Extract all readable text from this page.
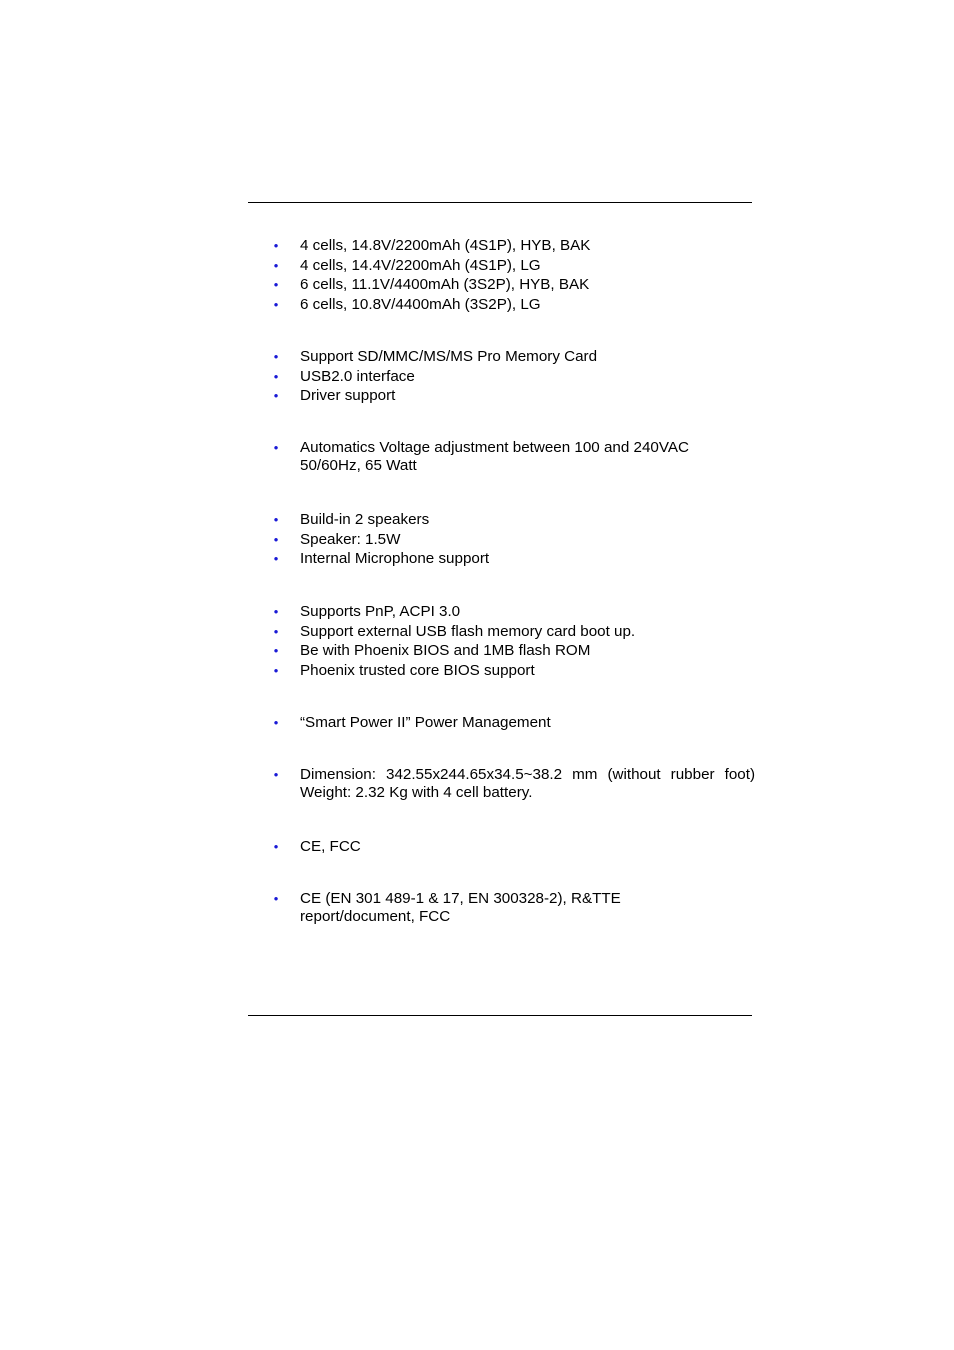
• 4 cells, 14.8V/2200mAh (4S1P), HYB, BAK
• 4 cells, 14.4V/2200mAh (4S1P), LG
• 6 cells, 11.1V/4400mAh (3S2P), HYB, BAK
• 6 cells, 10.8V/4400mAh (3S2P), LG
• Support SD/MMC/MS/MS Pro Memory Card
• USB2.0 interface
• Driver support
• Automatics Voltage adjustment between 100 and 240VAC
50/60Hz, 65 Watt
• Build-in 2 speakers
• Speaker: 1.5W
• Internal Microphone support
• Supports PnP, ACPI 3.0
• Support external USB flash memory card boot up.
• Be with Phoenix BIOS and 1MB flash ROM
• Phoenix trusted core BIOS support
• “Smart Power II” Power Management
• Dimension: 342.55x244.65x34.5~38.2 mm (without rubber foot)
Weight: 2.32 Kg with 4 cell battery.
• CE, FCC
• CE (EN 301 489-1 & 17, EN 300328-2), R&TTE
report/document, FCC
